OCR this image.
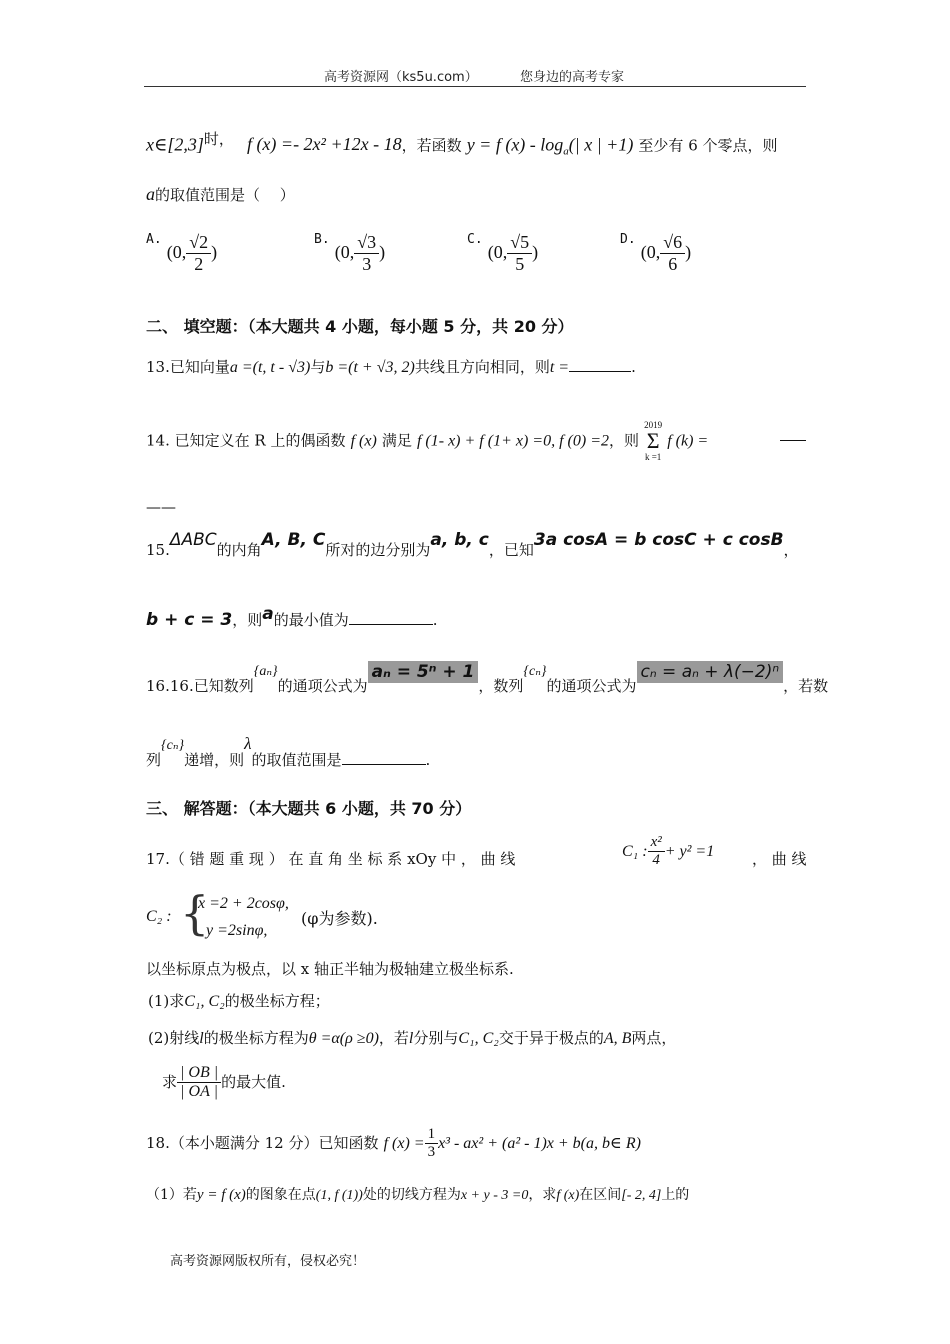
高考资源网（ks5u.com）	您身边的高考专家
$x\in[2,3]^{时,}$ f (x) =- 2x² +12x - 18，若函数 y = f $(x) - \log_a(|$ x | +1) 至少有 6 个零点，则
a的取值范围是（　 ）
$^{A.}$ (0, $\frac{√2}{2}$ )
$^{B.}$ (0, $\frac{√3}{3}$ )
$^{C.}$ (0, $\frac{√5}{5}$ )
$^{D.}$ (0, $\frac{√6}{6}$ )
二、 填空题：（本大题共 4 小题，每小题 5 分，共 20 分）
13.已知向量a =(t, t - √3)与b =(t + √3, 2)共线且方向相同，则t =	.
14. 已知定义在 R 上的偶函数 f (x) 满足 f (1- x) + f (1+ x) =0, f (0) =2，则 2019
Σ
k =1 f (k) =
——
15.ΔABC的内角A, B, C所对的边分别为a, b, c，已知3a cosA = b cosC + c cosB，
b + c = 3，则a的最小值为	.
16.16.已知数列{aₙ}的通项公式为aₙ = 5ⁿ + 1，数列{cₙ}的通项公式为cₙ = aₙ + λ(−2)ⁿ，若数
列{cₙ}递增，则λ的取值范围是	.
三、 解答题：（本大题共 6 小题，共 70 分）
17.（ 错 题 重 现 ） 在 直 角 坐 标 系 xOy 中 ， 曲 线	C₁ : $\frac{\text{x²}}{4} + y^2 =1$	， 曲 线
C₂ : {
x =2 + 2cosφ,
y =2sinφ,
(φ为参数).
以坐标原点为极点，以 x 轴正半轴为极轴建立极坐标系.
(1)求C₁, C₂的极坐标方程；
(2)射线l的极坐标方程为θ =α(ρ ≥0)，若l分别与C₁, C₂交于异于极点的A, B两点，
求 $\frac{| OB |}{| OA |}$ 的最大值.
18.（本小题满分 12 分）已知函数 f $(x) = \frac{1}{3} x^3 - ax^2 + (a^2 - 1)x + b(a$, b∈ R)
（1）若y = f (x)的图象在点(1, f (1))处的切线方程为x + y - 3 =0，求f (x)在区间[- 2, 4]上的
高考资源网版权所有，侵权必究！
